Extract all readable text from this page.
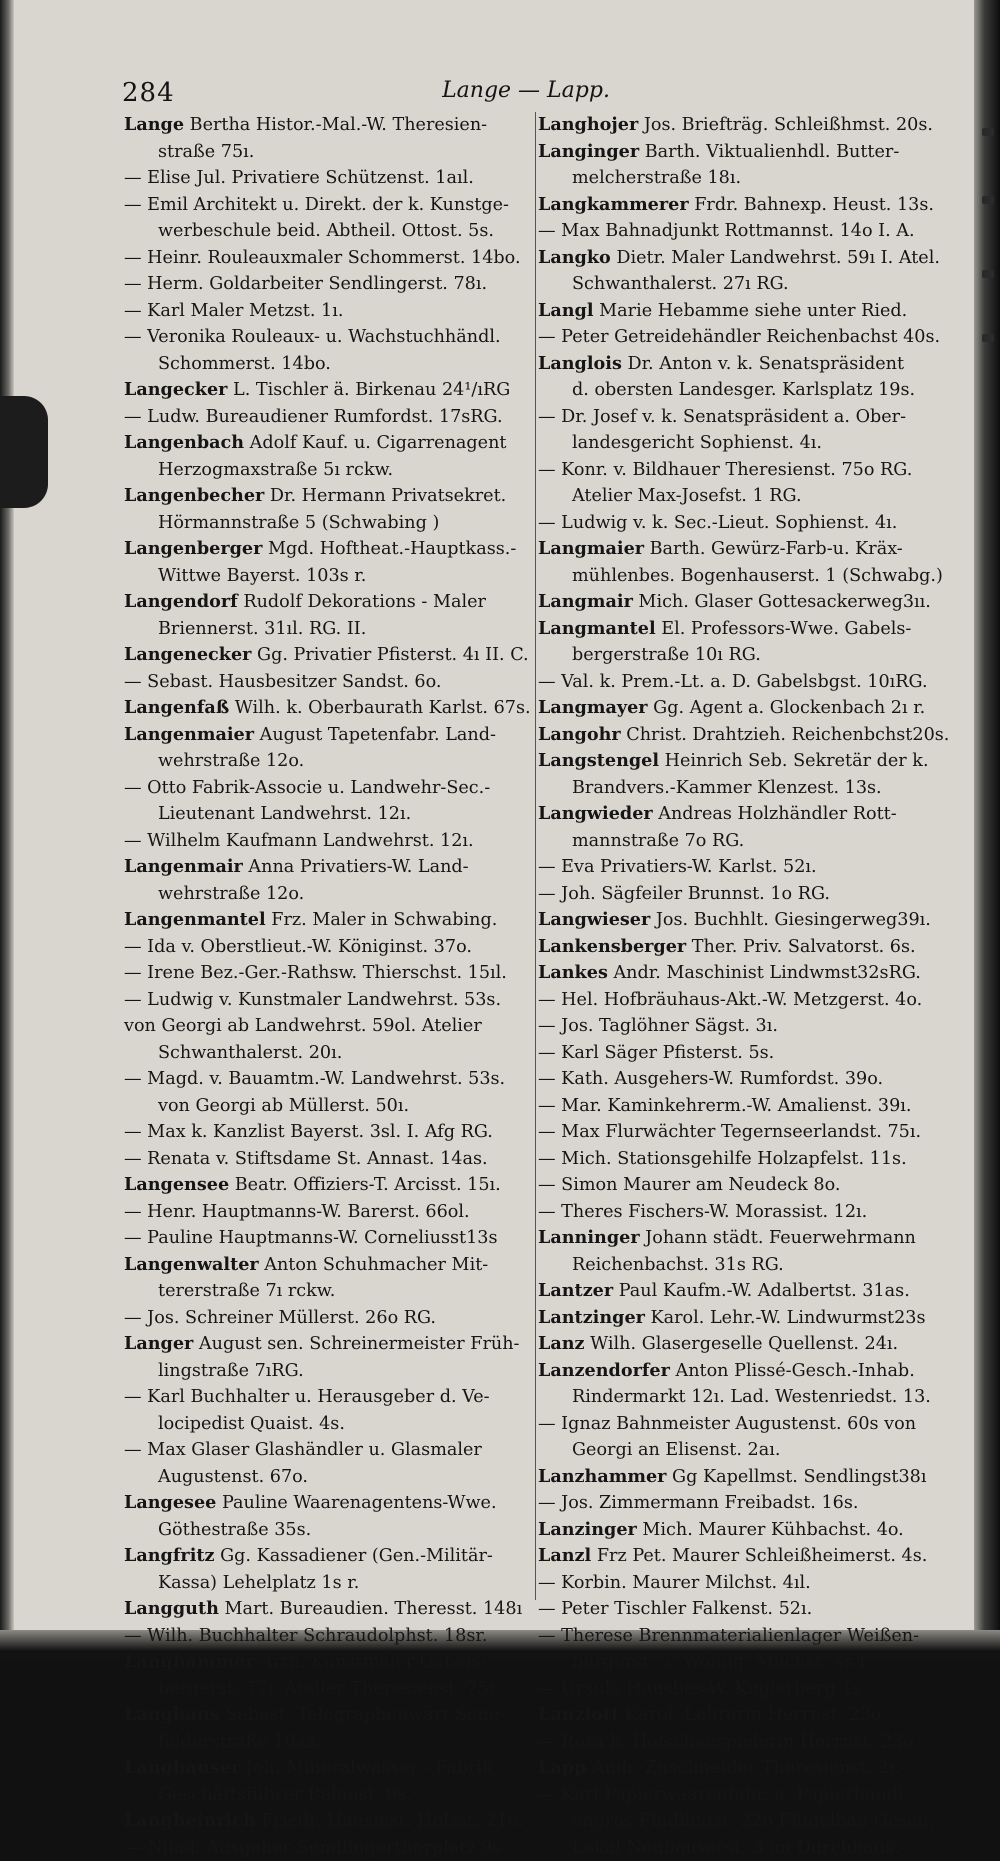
284	Lange — Lapp.
Lange Bertha Histor.-Mal.-W. Theresien-
straße 75ı.
— Elise Jul. Privatiere Schützenst. 1aıl.
— Emil Architekt u. Direkt. der k. Kunstge-
werbeschule beid. Abtheil. Ottost. 5s.
— Heinr. Rouleauxmaler Schommerst. 14bo.
— Herm. Goldarbeiter Sendlingerst. 78ı.
— Karl Maler Metzst. 1ı.
— Veronika Rouleaux- u. Wachstuchhändl.
Schommerst. 14bo.
Langecker L. Tischler ä. Birkenau 24¹/ıRG
— Ludw. Bureaudiener Rumfordst. 17sRG.
Langenbach Adolf Kauf. u. Cigarrenagent
Herzogmaxstraße 5ı rckw.
Langenbecher Dr. Hermann Privatsekret.
Hörmannstraße 5 (Schwabing )
Langenberger Mgd. Hoftheat.-Hauptkass.-
Wittwe Bayerst. 103s r.
Langendorf Rudolf Dekorations - Maler
Briennerst. 31ıl. RG. II.
Langenecker Gg. Privatier Pfisterst. 4ı II. C.
— Sebast. Hausbesitzer Sandst. 6o.
Langenfaß Wilh. k. Oberbaurath Karlst. 67s.
Langenmaier August Tapetenfabr. Land-
wehrstraße 12o.
— Otto Fabrik-Associe u. Landwehr-Sec.-
Lieutenant Landwehrst. 12ı.
— Wilhelm Kaufmann Landwehrst. 12ı.
Langenmair Anna Privatiers-W. Land-
wehrstraße 12o.
Langenmantel Frz. Maler in Schwabing.
— Ida v. Oberstlieut.-W. Königinst. 37o.
— Irene Bez.-Ger.-Rathsw. Thierschst. 15ıl.
— Ludwig v. Kunstmaler Landwehrst. 53s.
von Georgi ab Landwehrst. 59ol. Atelier
Schwanthalerst. 20ı.
— Magd. v. Bauamtm.-W. Landwehrst. 53s.
von Georgi ab Müllerst. 50ı.
— Max k. Kanzlist Bayerst. 3sl. I. Afg RG.
— Renata v. Stiftsdame St. Annast. 14as.
Langensee Beatr. Offiziers-T. Arcisst. 15ı.
— Henr. Hauptmanns-W. Barerst. 66ol.
— Pauline Hauptmanns-W. Corneliusst13s
Langenwalter Anton Schuhmacher Mit-
tererstraße 7ı rckw.
— Jos. Schreiner Müllerst. 26o RG.
Langer August sen. Schreinermeister Früh-
lingstraße 7ıRG.
— Karl Buchhalter u. Herausgeber d. Ve-
locipedist Quaist. 4s.
— Max Glaser Glashändler u. Glasmaler
Augustenst. 67o.
Langesee Pauline Waarenagentens-Wwe.
Göthestraße 35s.
Langfritz Gg. Kassadiener (Gen.-Militär-
Kassa) Lehelplatz 1s r.
Langguth Mart. Bureaudien. Theresst. 148ı
— Wilh. Buchhalter Schraudolphst. 18sr.
Langhammer Arth. Kunstmaler Gabels-
bergerst. 77ı. Atelier Theresienst. 75ı.
Langhans Sebast. Telegraphenwärt Sene-
felderstraße 10as.
Langhauser Joh. Mineralwasser - Fabrik
Geschäftsführer Balanst. 9s.
Langheinrich Friedr. Hausmst. Holzst. 21o.
— Nikol. Ausgeher Sendlingerthorplatz 9s.
Langhojer Jos. Briefträg. Schleißhmst. 20s.
Langinger Barth. Viktualienhdl. Butter-
melcherstraße 18ı.
Langkammerer Frdr. Bahnexp. Heust. 13s.
— Max Bahnadjunkt Rottmannst. 14o I. A.
Langko Dietr. Maler Landwehrst. 59ı I. Atel.
Schwanthalerst. 27ı RG.
Langl Marie Hebamme siehe unter Ried.
— Peter Getreidehändler Reichenbachst 40s.
Langlois Dr. Anton v. k. Senatspräsident
d. obersten Landesger. Karlsplatz 19s.
— Dr. Josef v. k. Senatspräsident a. Ober-
landesgericht Sophienst. 4ı.
— Konr. v. Bildhauer Theresienst. 75o RG.
Atelier Max-Josefst. 1 RG.
— Ludwig v. k. Sec.-Lieut. Sophienst. 4ı.
Langmaier Barth. Gewürz-Farb-u. Kräx-
mühlenbes. Bogenhauserst. 1 (Schwabg.)
Langmair Mich. Glaser Gottesackerweg3ıı.
Langmantel El. Professors-Wwe. Gabels-
bergerstraße 10ı RG.
— Val. k. Prem.-Lt. a. D. Gabelsbgst. 10ıRG.
Langmayer Gg. Agent a. Glockenbach 2ı r.
Langohr Christ. Drahtzieh. Reichenbchst20s.
Langstengel Heinrich Seb. Sekretär der k.
Brandvers.-Kammer Klenzest. 13s.
Langwieder Andreas Holzhändler Rott-
mannstraße 7o RG.
— Eva Privatiers-W. Karlst. 52ı.
— Joh. Sägfeiler Brunnst. 1o RG.
Langwieser Jos. Buchhlt. Giesingerweg39ı.
Lankensberger Ther. Priv. Salvatorst. 6s.
Lankes Andr. Maschinist Lindwmst32sRG.
— Hel. Hofbräuhaus-Akt.-W. Metzgerst. 4o.
— Jos. Taglöhner Sägst. 3ı.
— Karl Säger Pfisterst. 5s.
— Kath. Ausgehers-W. Rumfordst. 39o.
— Mar. Kaminkehrerm.-W. Amalienst. 39ı.
— Max Flurwächter Tegernseerlandst. 75ı.
— Mich. Stationsgehilfe Holzapfelst. 11s.
— Simon Maurer am Neudeck 8o.
— Theres Fischers-W. Morassist. 12ı.
Lanninger Johann städt. Feuerwehrmann
Reichenbachst. 31s RG.
Lantzer Paul Kaufm.-W. Adalbertst. 31as.
Lantzinger Karol. Lehr.-W. Lindwurmst23s
Lanz Wilh. Glasergeselle Quellenst. 24ı.
Lanzendorfer Anton Plissé-Gesch.-Inhab.
Rindermarkt 12ı. Lad. Westenriedst. 13.
— Ignaz Bahnmeister Augustenst. 60s von
Georgi an Elisenst. 2aı.
Lanzhammer Gg Kapellmst. Sendlingst38ı
— Jos. Zimmermann Freibadst. 16s.
Lanzinger Mich. Maurer Kühbachst. 4o.
Lanzl Frz Pet. Maurer Schleißheimerst. 4s.
— Korbin. Maurer Milchst. 4ıl.
— Peter Tischler Falkenst. 52ı.
— Therese Brennmaterialienlager Weißen-
burgerst. 5. Wohng. Milchst. 4s I.
— Ursula Hausbes-W. Kuglerberg 1s.
Lanzlott Karol. Lehrerin Herrnst. 23o.
— Rosa k. Hofschauspielerin Herrnst. 23o.
Lapp Andr. Zuschneider Theresienst. 2ı.
— Karl Papierwaarenfabr. u. Papierhandl.
engros Findlingst. 22o Flügelbau Gesch.-
Lokal Neuhauserst. 3 im Durchhaus.
